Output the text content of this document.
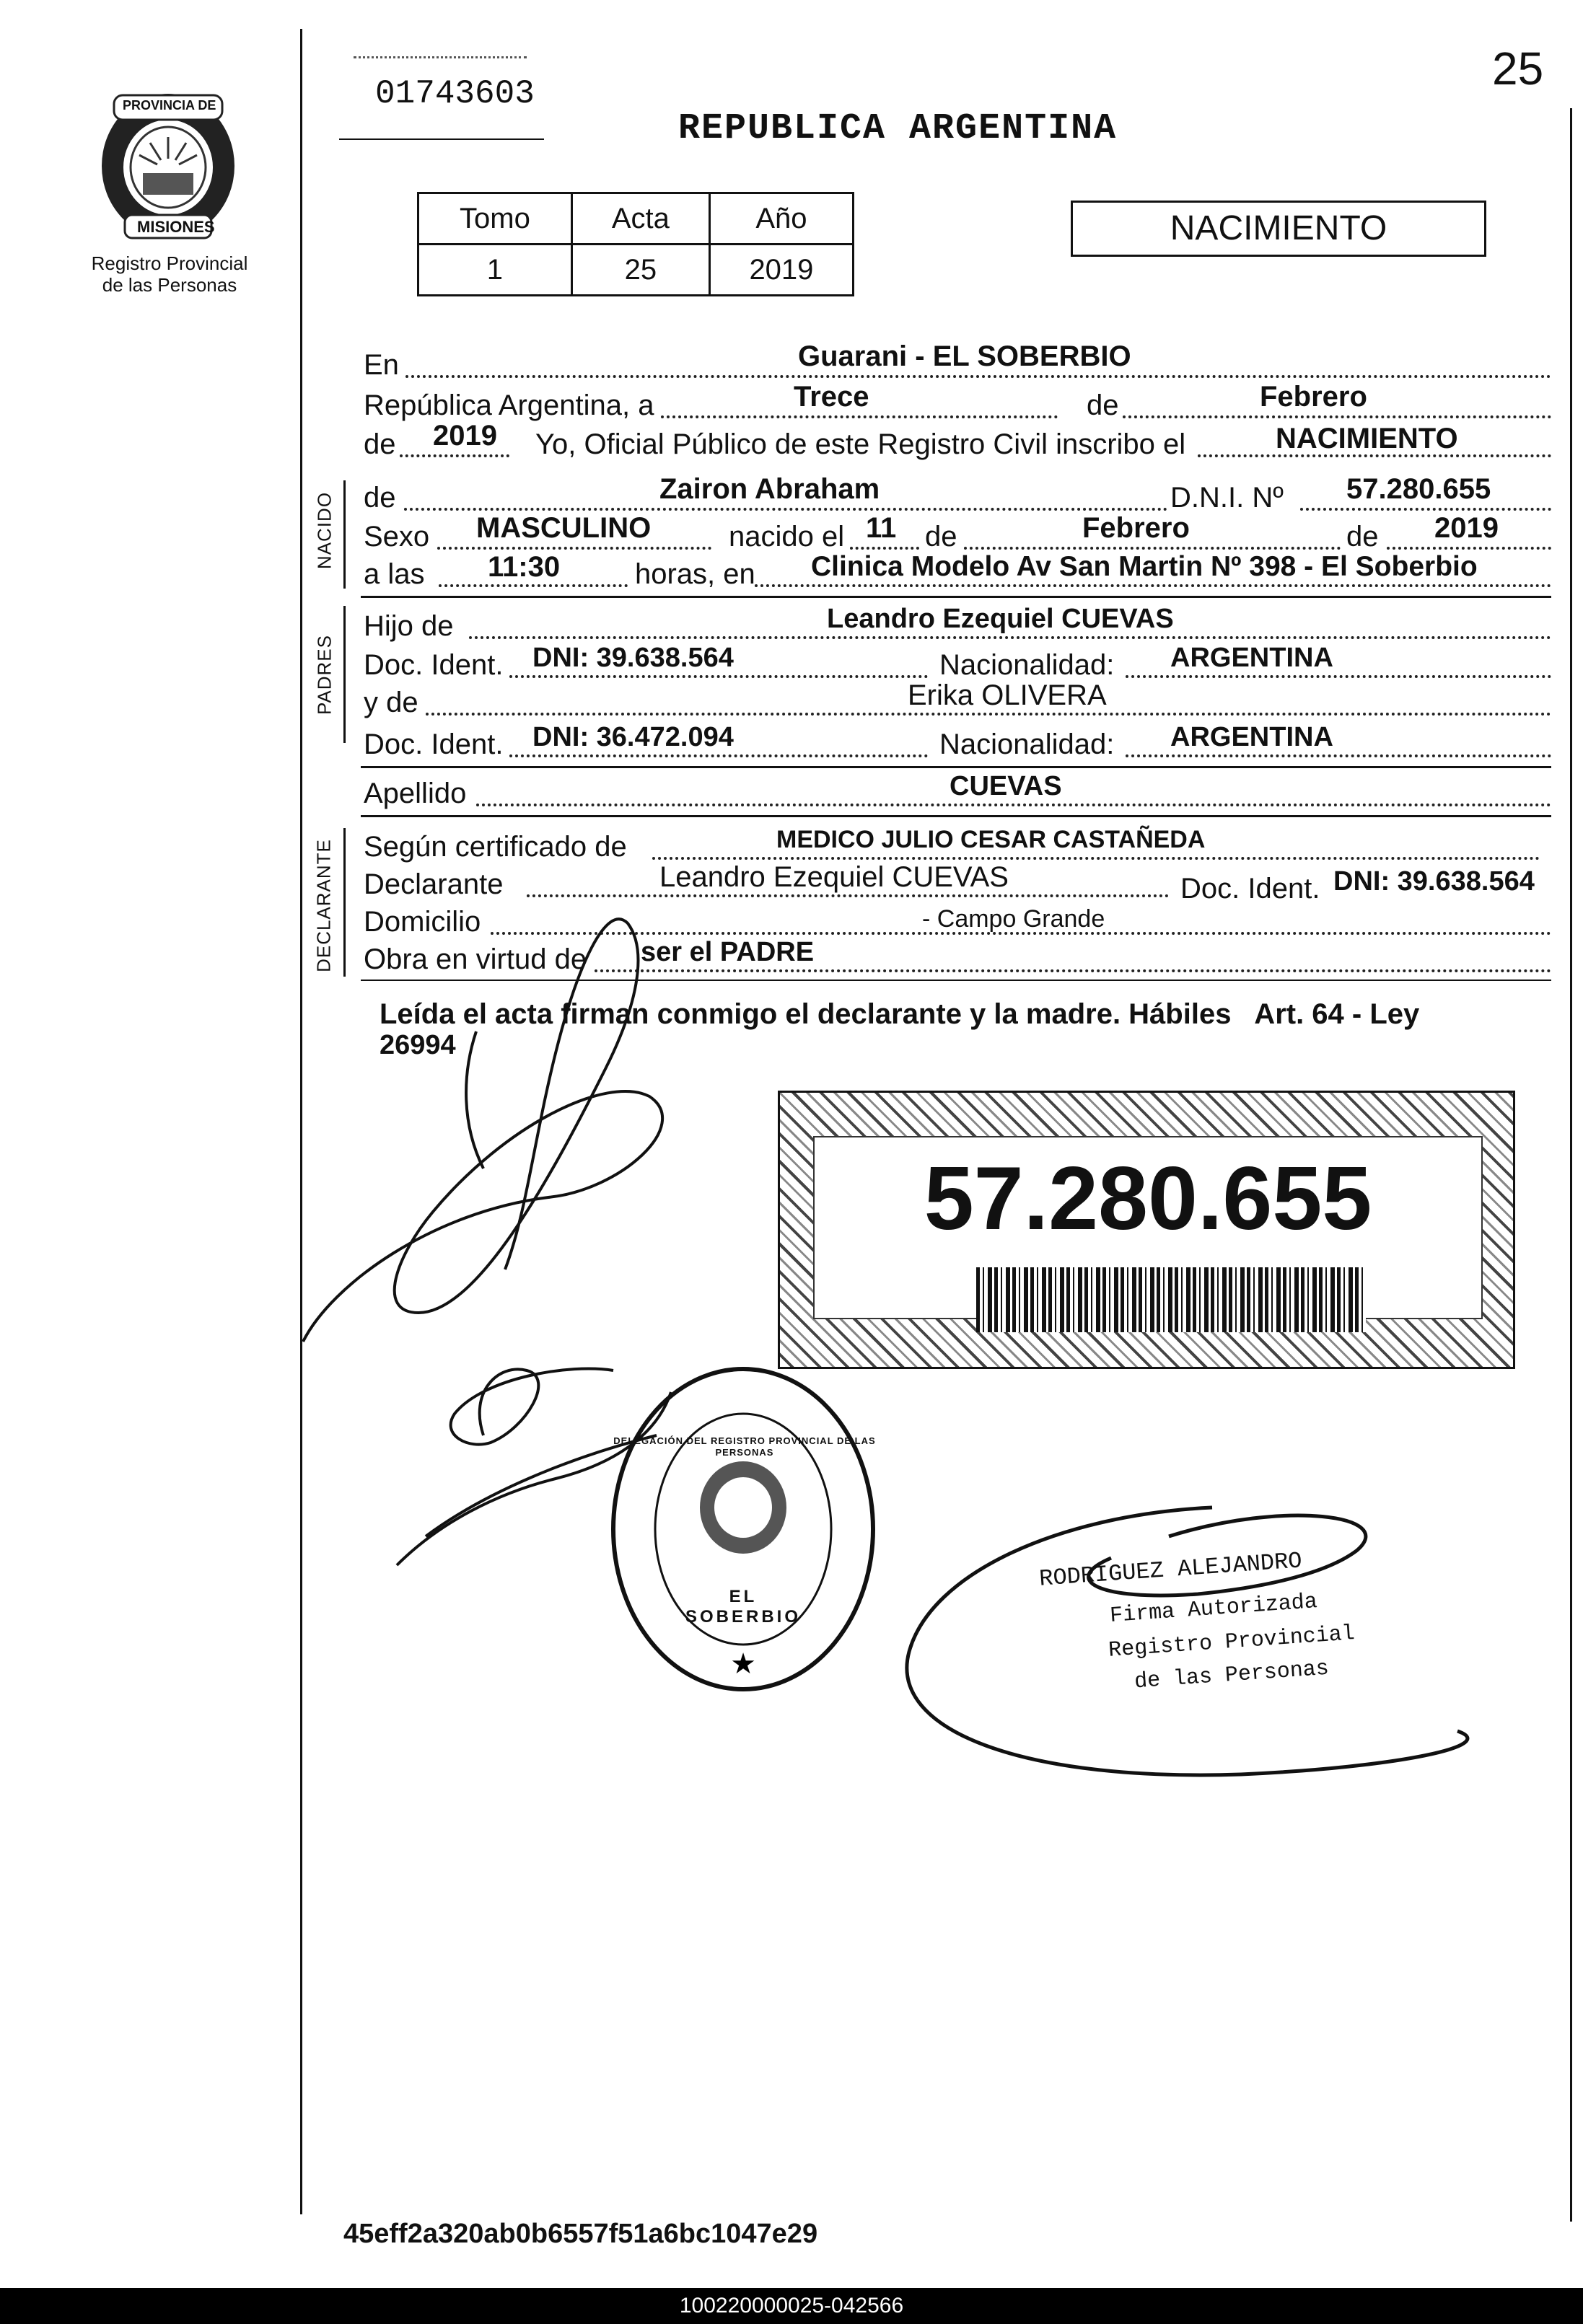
PROVINCIA DE
MISIONES
Registro Provincial
de las Personas
01743603	25
REPUBLICA ARGENTINA
Tomo	Acta	Año
1	25	2019
NACIMIENTO
En	Guarani - EL SOBERBIO
República Argentina, a	Trece	de	Febrero
de 2019 Yo, Oficial Público de este Registro Civil inscribo el	NACIMIENTO
NACIDO de	Zairon Abraham	D.N.I. Nº 57.280.655
Sexo MASCULINO	nacido el 11 de	Febrero	de 2019
a las 11:30	horas, en Clinica Modelo Av San Martin Nº 398 - El Soberbio
PADRES
Hijo de	Leandro Ezequiel CUEVAS
Doc. Ident. DNI: 39.638.564	Nacionalidad: ARGENTINA
y de	Erika OLIVERA
Doc. Ident. DNI: 36.472.094	Nacionalidad: ARGENTINA
Apellido	CUEVAS
DECLARANTE Según certificado de	MEDICO JULIO CESAR CASTAÑEDA
Declarante	Leandro Ezequiel CUEVAS	Doc. Ident. DNI: 39.638.564
Domicilio	- Campo Grande
Obra en virtud de ser el PADRE
Leída el acta firman conmigo el declarante y la madre. Hábiles   Art. 64 - Ley
26994
57.280.655
★
DELEGACIÓN DEL REGISTRO PROVINCIAL DE LAS PERSONAS
EL SOBERBIO
RODRIGUEZ ALEJANDRO
Firma Autorizada
Registro Provincial
de las Personas
45eff2a320ab0b6557f51a6bc1047e29
100220000025-042566
